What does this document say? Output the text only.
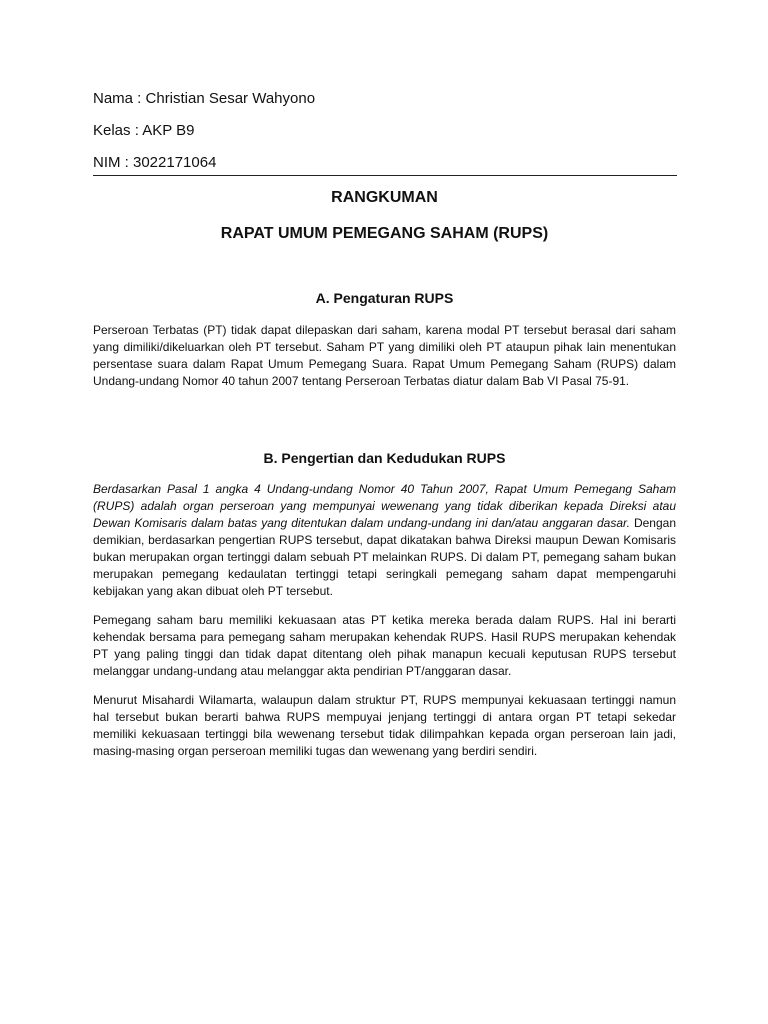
Nama : Christian Sesar Wahyono
Kelas : AKP B9
NIM : 3022171064
RANGKUMAN
RAPAT UMUM PEMEGANG SAHAM (RUPS)
A. Pengaturan RUPS

Perseroan Terbatas (PT) tidak dapat dilepaskan dari saham, karena modal PT tersebut berasal dari saham yang dimiliki/dikeluarkan oleh PT tersebut. Saham PT yang dimiliki oleh PT ataupun pihak lain menentukan persentase suara dalam Rapat Umum Pemegang Suara. Rapat Umum Pemegang Saham (RUPS) dalam Undang-undang Nomor 40 tahun 2007 tentang Perseroan Terbatas diatur dalam Bab VI Pasal 75-91.

B. Pengertian dan Kedudukan RUPS

Berdasarkan Pasal 1 angka 4 Undang-undang Nomor 40 Tahun 2007, Rapat Umum Pemegang Saham (RUPS) adalah organ perseroan yang mempunyai wewenang yang tidak diberikan kepada Direksi atau Dewan Komisaris dalam batas yang ditentukan dalam undang-undang ini dan/atau anggaran dasar. Dengan demikian, berdasarkan pengertian RUPS tersebut, dapat dikatakan bahwa Direksi maupun Dewan Komisaris bukan merupakan organ tertinggi dalam sebuah PT melainkan RUPS. Di dalam PT, pemegang saham bukan merupakan pemegang kedaulatan tertinggi tetapi seringkali pemegang saham dapat mempengaruhi kebijakan yang akan dibuat oleh PT tersebut.

Pemegang saham baru memiliki kekuasaan atas PT ketika mereka berada dalam RUPS. Hal ini berarti kehendak bersama para pemegang saham merupakan kehendak RUPS. Hasil RUPS merupakan kehendak PT yang paling tinggi dan tidak dapat ditentang oleh pihak manapun kecuali keputusan RUPS tersebut melanggar undang-undang atau melanggar akta pendirian PT/anggaran dasar.

Menurut Misahardi Wilamarta, walaupun dalam struktur PT, RUPS mempunyai kekuasaan tertinggi namun hal tersebut bukan berarti bahwa RUPS mempuyai jenjang tertinggi di antara organ PT tetapi sekedar memiliki kekuasaan tertinggi bila wewenang tersebut tidak dilimpahkan kepada organ perseroan lain jadi, masing-masing organ perseroan memiliki tugas dan wewenang yang berdiri sendiri.
